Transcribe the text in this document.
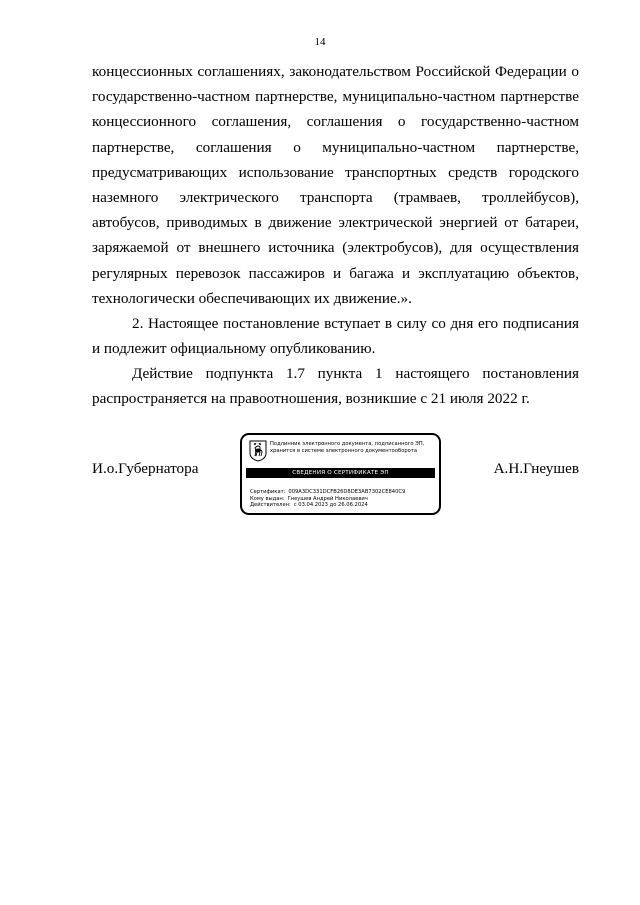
14
концессионных соглашениях, законодательством Российской Федерации о
государственно-частном партнерстве, муниципально-частном партнерстве
концессионного соглашения, соглашения о государственно-частном
партнерстве, соглашения о муниципально-частном партнерстве,
предусматривающих использование транспортных средств городского
наземного электрического транспорта (трамваев, троллейбусов),
автобусов, приводимых в движение электрической энергией от батареи,
заряжаемой от внешнего источника (электробусов), для осуществления
регулярных перевозок пассажиров и багажа и эксплуатацию объектов,
технологически обеспечивающих их движение.».
2. Настоящее постановление вступает в силу со дня его подписания
и подлежит официальному опубликованию.
Действие подпункта 1.7 пункта 1 настоящего постановления
распространяется на правоотношения, возникшие с 21 июля 2022 г.
И.о.Губернатора	А.Н.Гнеушев
Подлинник электронного документа, подписанного ЭП,
хранится в системе электронного документооборота
СВЕДЕНИЯ О СЕРТИФИКАТЕ ЭП
Сертификат: 009A3DC331DCFB26D8DE3AB7302CE840C9
Кому выдан: Гнеушев Андрей Николаевич
Действителен: с 03.04.2023 до 26.06.2024
